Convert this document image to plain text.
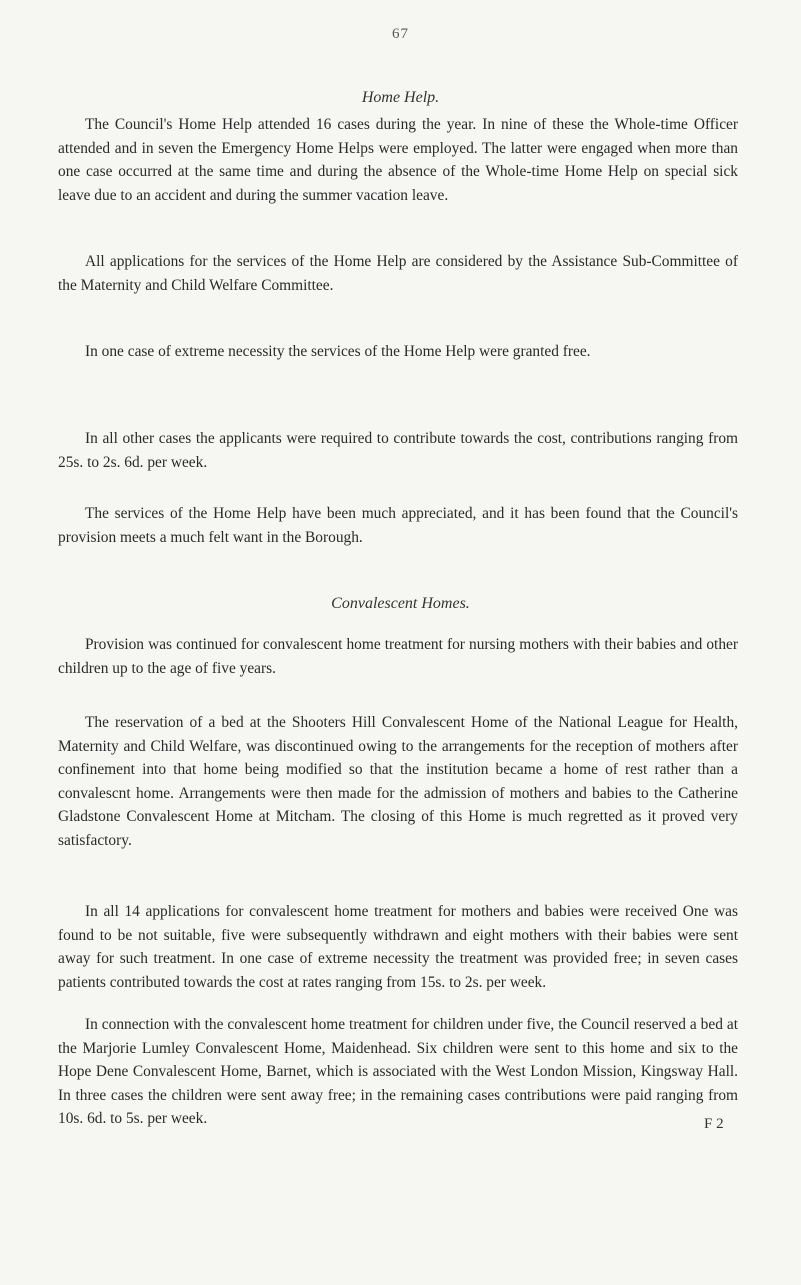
67
Home Help.

The Council's Home Help attended 16 cases during the year. In nine of these the Whole-time Officer attended and in seven the Emergency Home Helps were employed. The latter were engaged when more than one case occurred at the same time and during the absence of the Whole-time Home Help on special sick leave due to an accident and during the summer vacation leave.

All applications for the services of the Home Help are considered by the Assistance Sub-Committee of the Maternity and Child Welfare Committee.

In one case of extreme necessity the services of the Home Help were granted free.

In all other cases the applicants were required to contribute towards the cost, contributions ranging from 25s. to 2s. 6d. per week.

The services of the Home Help have been much appreciated, and it has been found that the Council's provision meets a much felt want in the Borough.

Convalescent Homes.

Provision was continued for convalescent home treatment for nursing mothers with their babies and other children up to the age of five years.

The reservation of a bed at the Shooters Hill Convalescent Home of the National League for Health, Maternity and Child Welfare, was discontinued owing to the arrangements for the reception of mothers after confinement into that home being modified so that the institution became a home of rest rather than a convalescnt home. Arrangements were then made for the admission of mothers and babies to the Catherine Gladstone Convalescent Home at Mitcham. The closing of this Home is much regretted as it proved very satisfactory.

In all 14 applications for convalescent home treatment for mothers and babies were received One was found to be not suitable, five were subsequently withdrawn and eight mothers with their babies were sent away for such treatment. In one case of extreme necessity the treatment was provided free; in seven cases patients contributed towards the cost at rates ranging from 15s. to 2s. per week.

In connection with the convalescent home treatment for children under five, the Council reserved a bed at the Marjorie Lumley Convalescent Home, Maidenhead. Six children were sent to this home and six to the Hope Dene Convalescent Home, Barnet, which is associated with the West London Mission, Kingsway Hall. In three cases the children were sent away free; in the remaining cases contributions were paid ranging from 10s. 6d. to 5s. per week.	F 2
